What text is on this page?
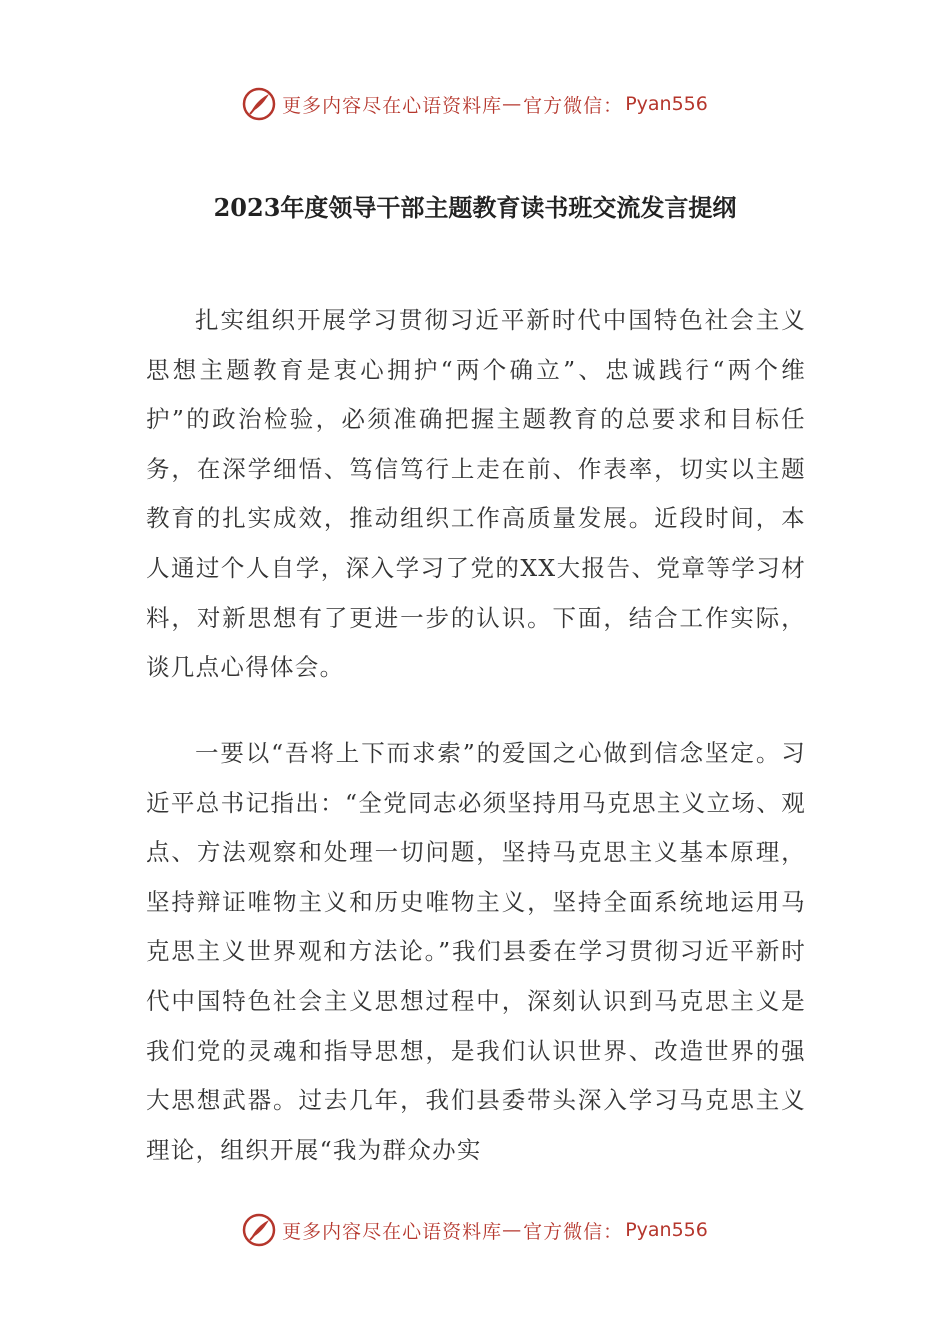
更多内容尽在心语资料库 — 官方微信： Pyan556
2023年度领导干部主题教育读书班交流发言提纲

扎实组织开展学习贯彻习近平新时代中国特色社会主义思想主题教育是衷心拥护“两个确立”、忠诚践行“两个维护”的政治检验，必须准确把握主题教育的总要求和目标任务，在深学细悟、笃信笃行上走在前、作表率，切实以主题教育的扎实成效，推动组织工作高质量发展。近段时间，本人通过个人自学，深入学习了党的XX大报告、党章等学习材料，对新思想有了更进一步的认识。下面，结合工作实际，谈几点心得体会。

一要以“吾将上下而求索”的爱国之心做到信念坚定。习近平总书记指出：“全党同志必须坚持用马克思主义立场、观点、方法观察和处理一切问题，坚持马克思主义基本原理，坚持辩证唯物主义和历史唯物主义，坚持全面系统地运用马克思主义世界观和方法论。”我们县委在学习贯彻习近平新时代中国特色社会主义思想过程中，深刻认识到马克思主义是我们党的灵魂和指导思想，是我们认识世界、改造世界的强大思想武器。过去几年，我们县委带头深入学习马克思主义理论，组织开展“我为群众办实

更多内容尽在心语资料库 — 官方微信： Pyan556
